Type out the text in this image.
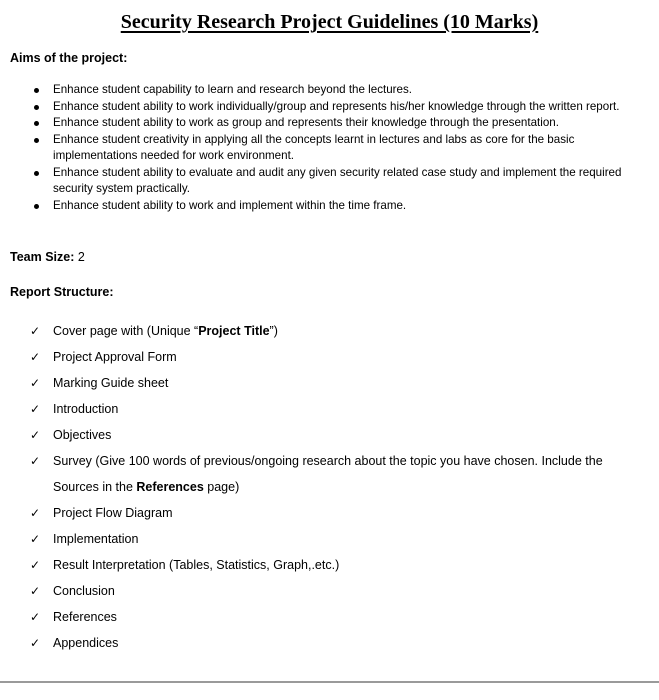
Security Research Project Guidelines (10 Marks)
Aims of the project:
Enhance student capability to learn and research beyond the lectures.
Enhance student ability to work individually/group and represents his/her knowledge through the written report.
Enhance student ability to work as group and represents their knowledge through the presentation.
Enhance student creativity in applying all the concepts learnt in lectures and labs as core for the basic implementations needed for work environment.
Enhance student ability to evaluate and audit any given security related case study and implement the required security system practically.
Enhance student ability to work and implement within the time frame.
Team Size: 2
Report Structure:
✓ Cover page with (Unique “Project Title”)
✓ Project Approval Form
✓ Marking Guide sheet
✓ Introduction
✓ Objectives
✓ Survey (Give 100 words of previous/ongoing research about the topic you have chosen. Include the Sources in the References page)
✓ Project Flow Diagram
✓ Implementation
✓ Result Interpretation (Tables, Statistics, Graph,.etc.)
✓ Conclusion
✓ References
✓ Appendices
